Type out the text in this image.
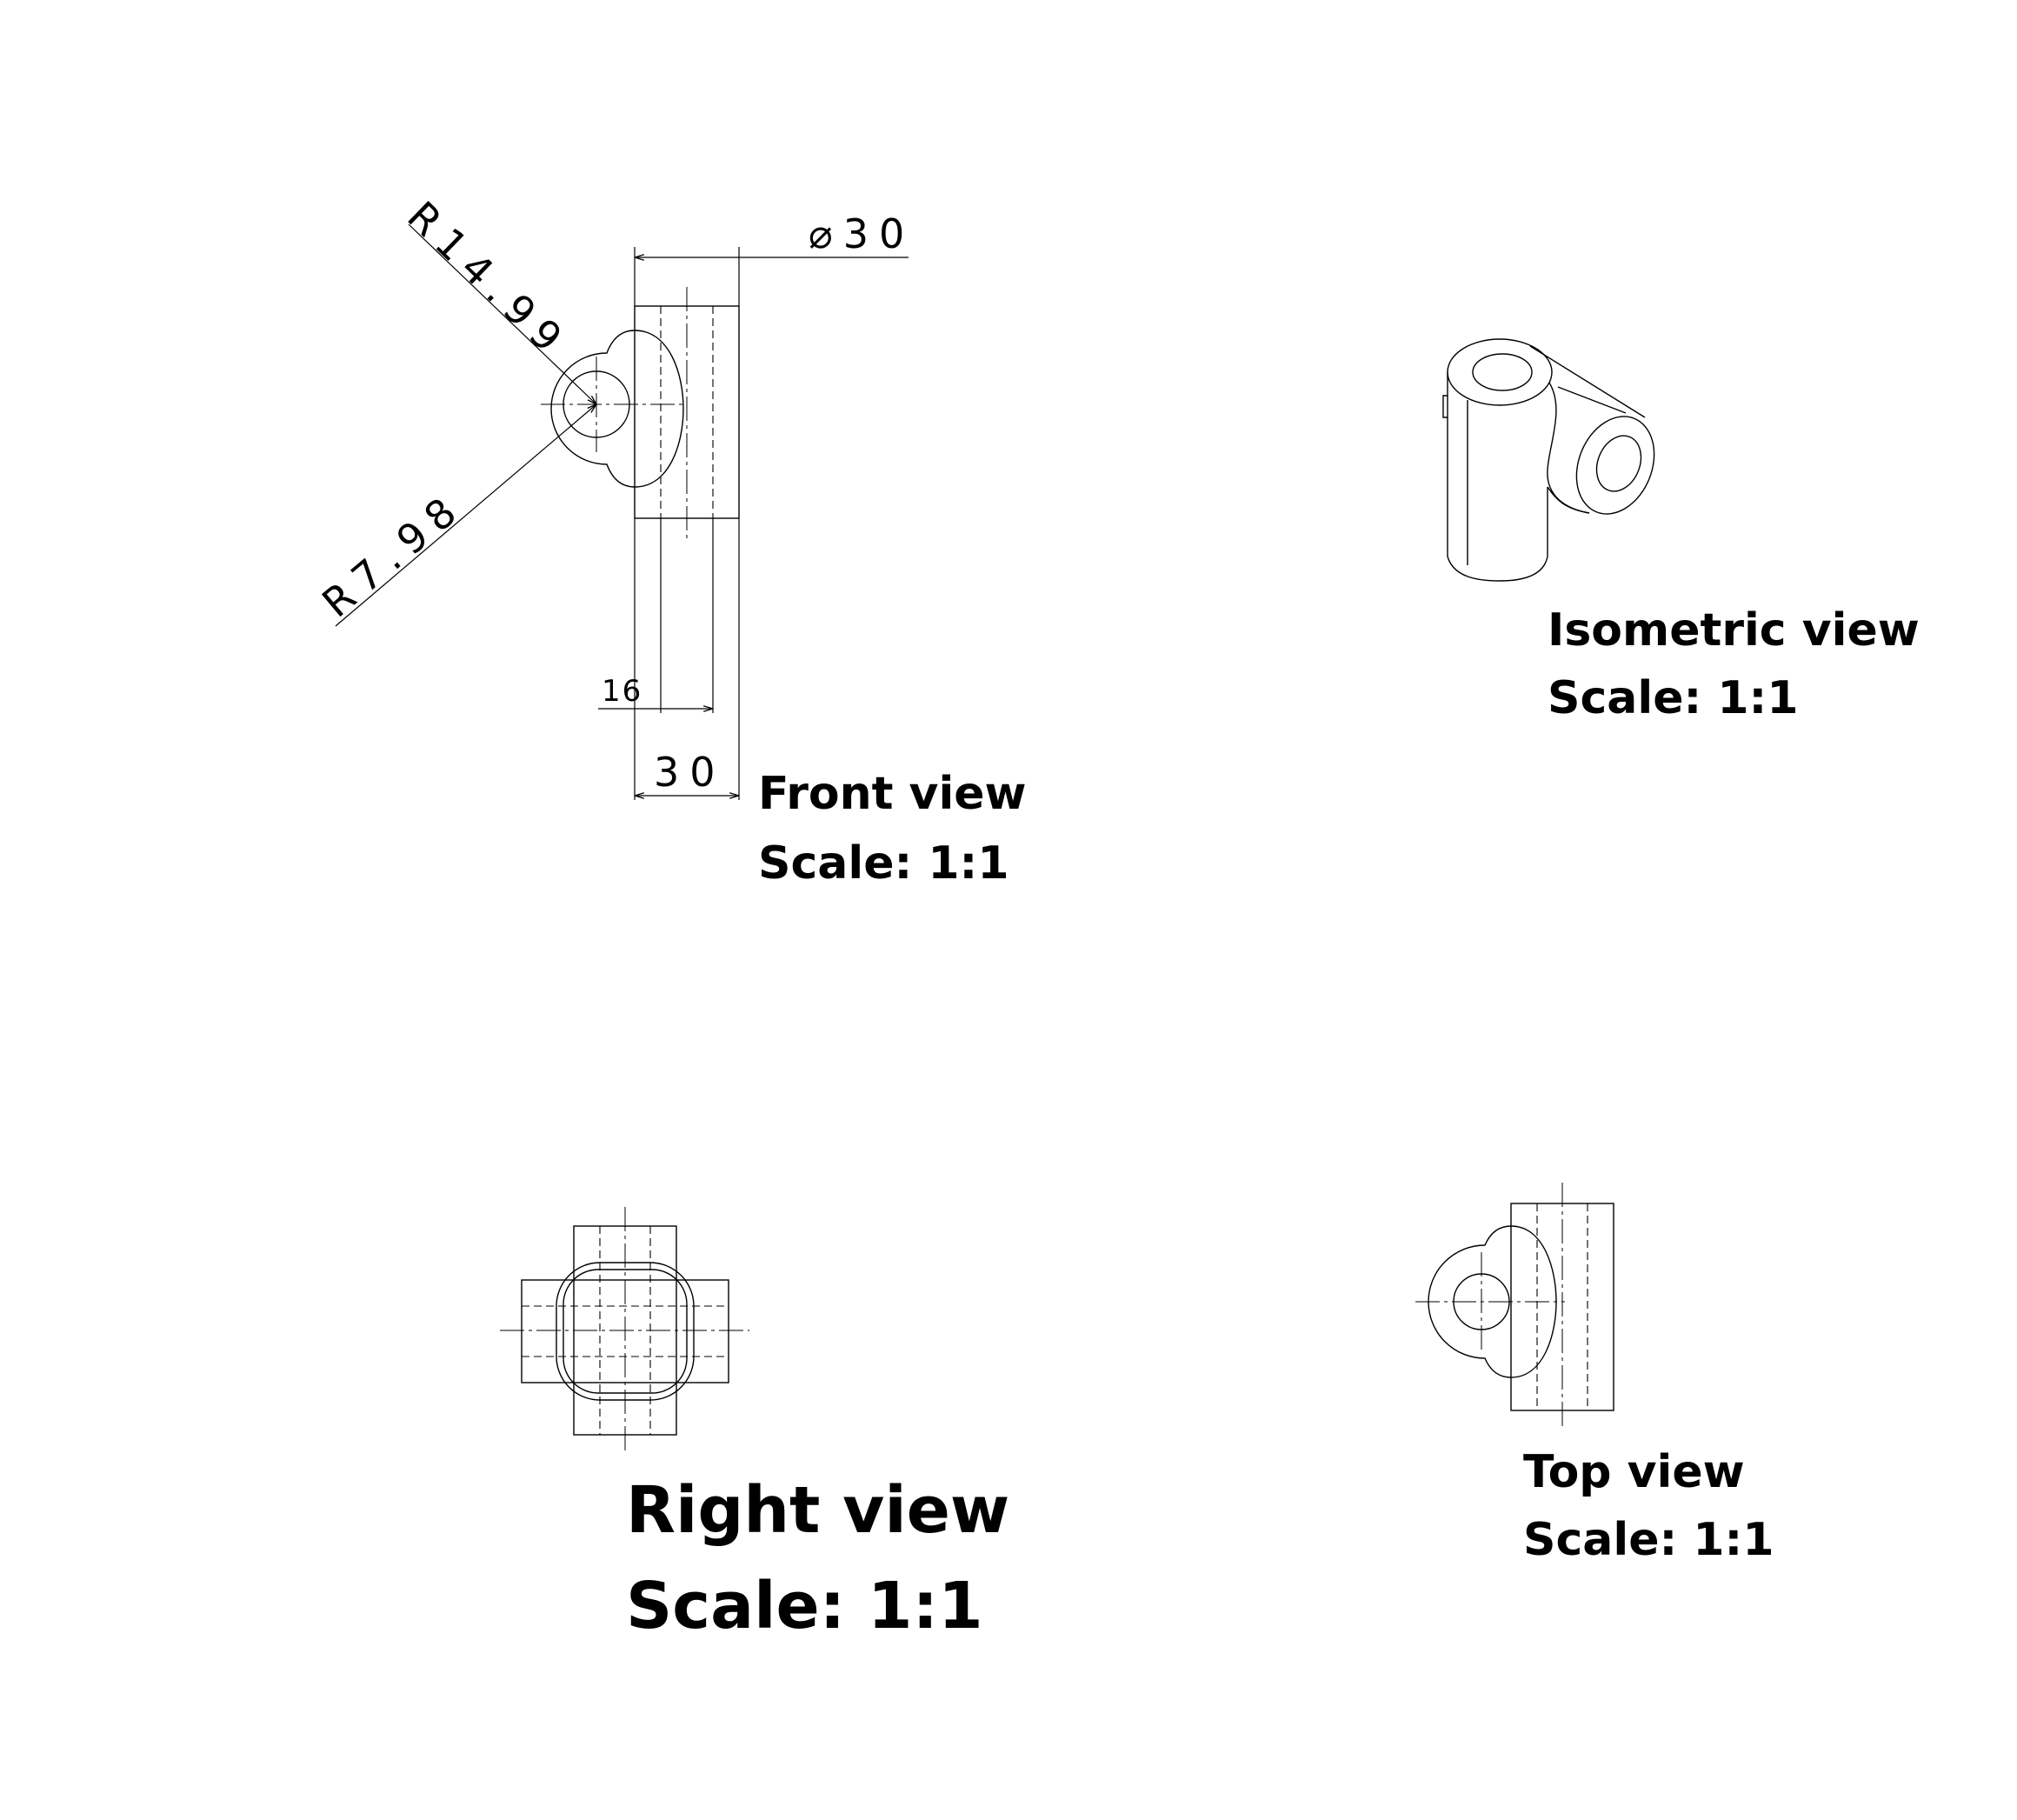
R14.99
R7.98
⌀30
16
30 Front view
Scale: 1:1
Isometric view
Scale: 1:1
Right view
Scale: 1:1
Top view
Scale: 1:1
